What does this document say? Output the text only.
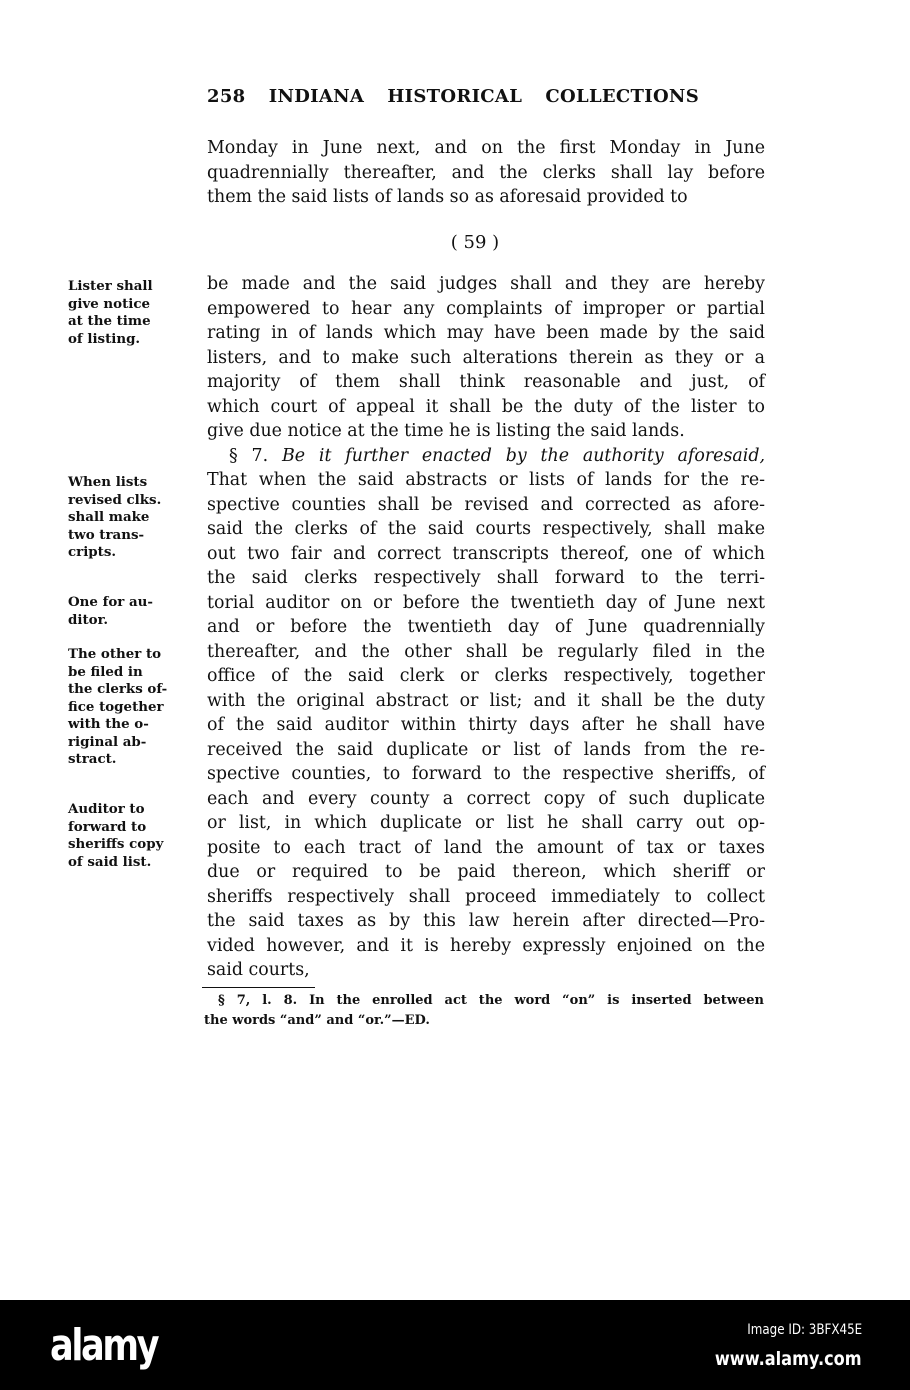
258 INDIANA HISTORICAL COLLECTIONS
Monday in June next, and on the first Monday in June
quadrennially thereafter, and the clerks shall lay before
them the said lists of lands so as aforesaid provided to
( 59 )
be made and the said judges shall and they are hereby
empowered to hear any complaints of improper or partial
rating in of lands which may have been made by the said
listers, and to make such alterations therein as they or a
majority of them shall think reasonable and just, of
which court of appeal it shall be the duty of the lister to
give due notice at the time he is listing the said lands.
§ 7. Be it further enacted by the authority aforesaid,
That when the said abstracts or lists of lands for the re-
spective counties shall be revised and corrected as afore-
said the clerks of the said courts respectively, shall make
out two fair and correct transcripts thereof, one of which
the said clerks respectively shall forward to the terri-
torial auditor on or before the twentieth day of June next
and or before the twentieth day of June quadrennially
thereafter, and the other shall be regularly filed in the
office of the said clerk or clerks respectively, together
with the original abstract or list; and it shall be the duty
of the said auditor within thirty days after he shall have
received the said duplicate or list of lands from the re-
spective counties, to forward to the respective sheriffs, of
each and every county a correct copy of such duplicate
or list, in which duplicate or list he shall carry out op-
posite to each tract of land the amount of tax or taxes
due or required to be paid thereon, which sheriff or
sheriffs respectively shall proceed immediately to collect
the said taxes as by this law herein after directed—Pro-
vided however, and it is hereby expressly enjoined on the
said courts,
Lister shall
give notice
at the time
of listing.
When lists
revised clks.
shall make
two trans-
cripts.
One for au-
ditor.
The other to
be filed in
the clerks of-
fice together
with the o-
riginal ab-
stract.
Auditor to
forward to
sheriffs copy
of said list.
§ 7, l. 8. In the enrolled act the word “on” is inserted between
the words “and” and “or.”—ED.
alamy	Image ID: 3BFX45E
www.alamy.com
